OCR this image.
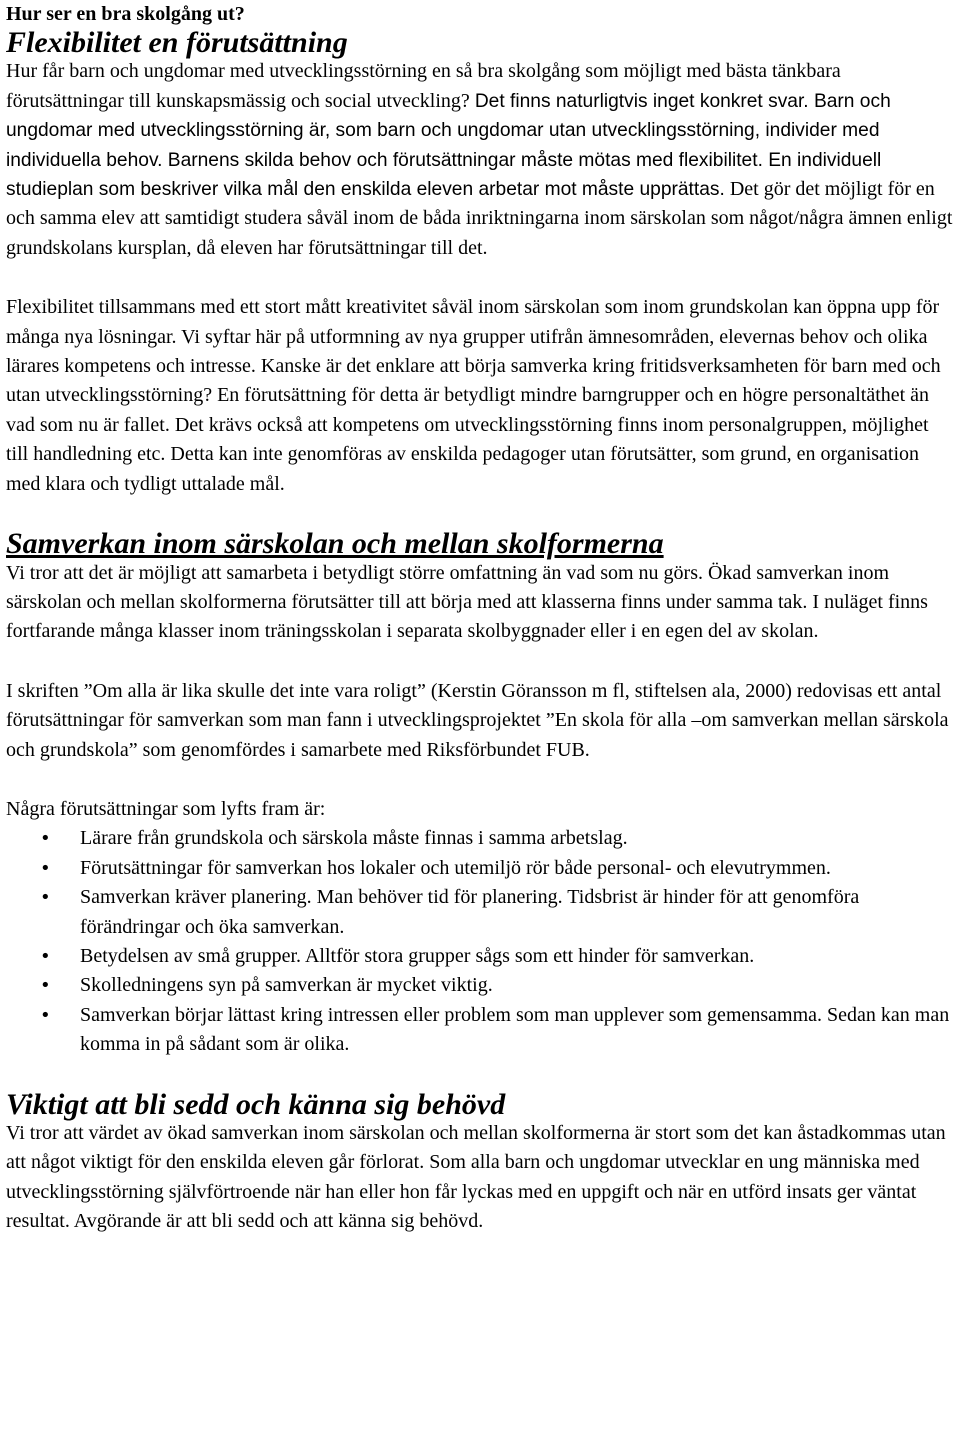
Hur ser en bra skolgång ut?
Flexibilitet en förutsättning

Hur får barn och ungdomar med utvecklingsstörning en så bra skolgång som möjligt med bästa tänkbara förutsättningar till kunskapsmässig och social utveckling? Det finns naturligtvis inget konkret svar. Barn och ungdomar med utvecklingsstörning är, som barn och ungdomar utan utvecklingsstörning, individer med individuella behov. Barnens skilda behov och förutsättningar måste mötas med flexibilitet. En individuell studieplan som beskriver vilka mål den enskilda eleven arbetar mot måste upprättas. Det gör det möjligt för en och samma elev att samtidigt studera såväl inom de båda inriktningarna inom särskolan som något/några ämnen enligt grundskolans kursplan, då eleven har förutsättningar till det.

Flexibilitet tillsammans med ett stort mått kreativitet såväl inom särskolan som inom grundskolan kan öppna upp för många nya lösningar. Vi syftar här på utformning av nya grupper utifrån ämnesområden, elevernas behov och olika lärares kompetens och intresse. Kanske är det enklare att börja samverka kring fritidsverksamheten för barn med och utan utvecklingsstörning? En förutsättning för detta är betydligt mindre barngrupper och en högre personaltäthet än vad som nu är fallet. Det krävs också att kompetens om utvecklingsstörning finns inom personalgruppen, möjlighet till handledning etc. Detta kan inte genomföras av enskilda pedagoger utan förutsätter, som grund, en organisation med klara och tydligt uttalade mål.

Samverkan inom särskolan och mellan skolformerna

Vi tror att det är möjligt att samarbeta i betydligt större omfattning än vad som nu görs. Ökad samverkan inom särskolan och mellan skolformerna förutsätter till att börja med att klasserna finns under samma tak. I nuläget finns fortfarande många klasser inom träningsskolan i separata skolbyggnader eller i en egen del av skolan.

I skriften ”Om alla är lika skulle det inte vara roligt” (Kerstin Göransson m fl, stiftelsen ala, 2000) redovisas ett antal förutsättningar för samverkan som man fann i utvecklingsprojektet ”En skola för alla –om samverkan mellan särskola och grundskola” som genomfördes i samarbete med Riksförbundet FUB.

Några förutsättningar som lyfts fram är:

• Lärare från grundskola och särskola måste finnas i samma arbetslag.
• Förutsättningar för samverkan hos lokaler och utemiljö rör både personal- och elevutrymmen.
• Samverkan kräver planering. Man behöver tid för planering. Tidsbrist är hinder för att genomföra förändringar och öka samverkan.
• Betydelsen av små grupper. Alltför stora grupper sågs som ett hinder för samverkan.
• Skolledningens syn på samverkan är mycket viktig.
• Samverkan börjar lättast kring intressen eller problem som man upplever som gemensamma. Sedan kan man komma in på sådant som är olika.
Viktigt att bli sedd och känna sig behövd

Vi tror att värdet av ökad samverkan inom särskolan och mellan skolformerna är stort som det kan åstadkommas utan att något viktigt för den enskilda eleven går förlorat. Som alla barn och ungdomar utvecklar en ung människa med utvecklingsstörning självförtroende när han eller hon får lyckas med en uppgift och när en utförd insats ger väntat resultat. Avgörande är att bli sedd och att känna sig behövd.
